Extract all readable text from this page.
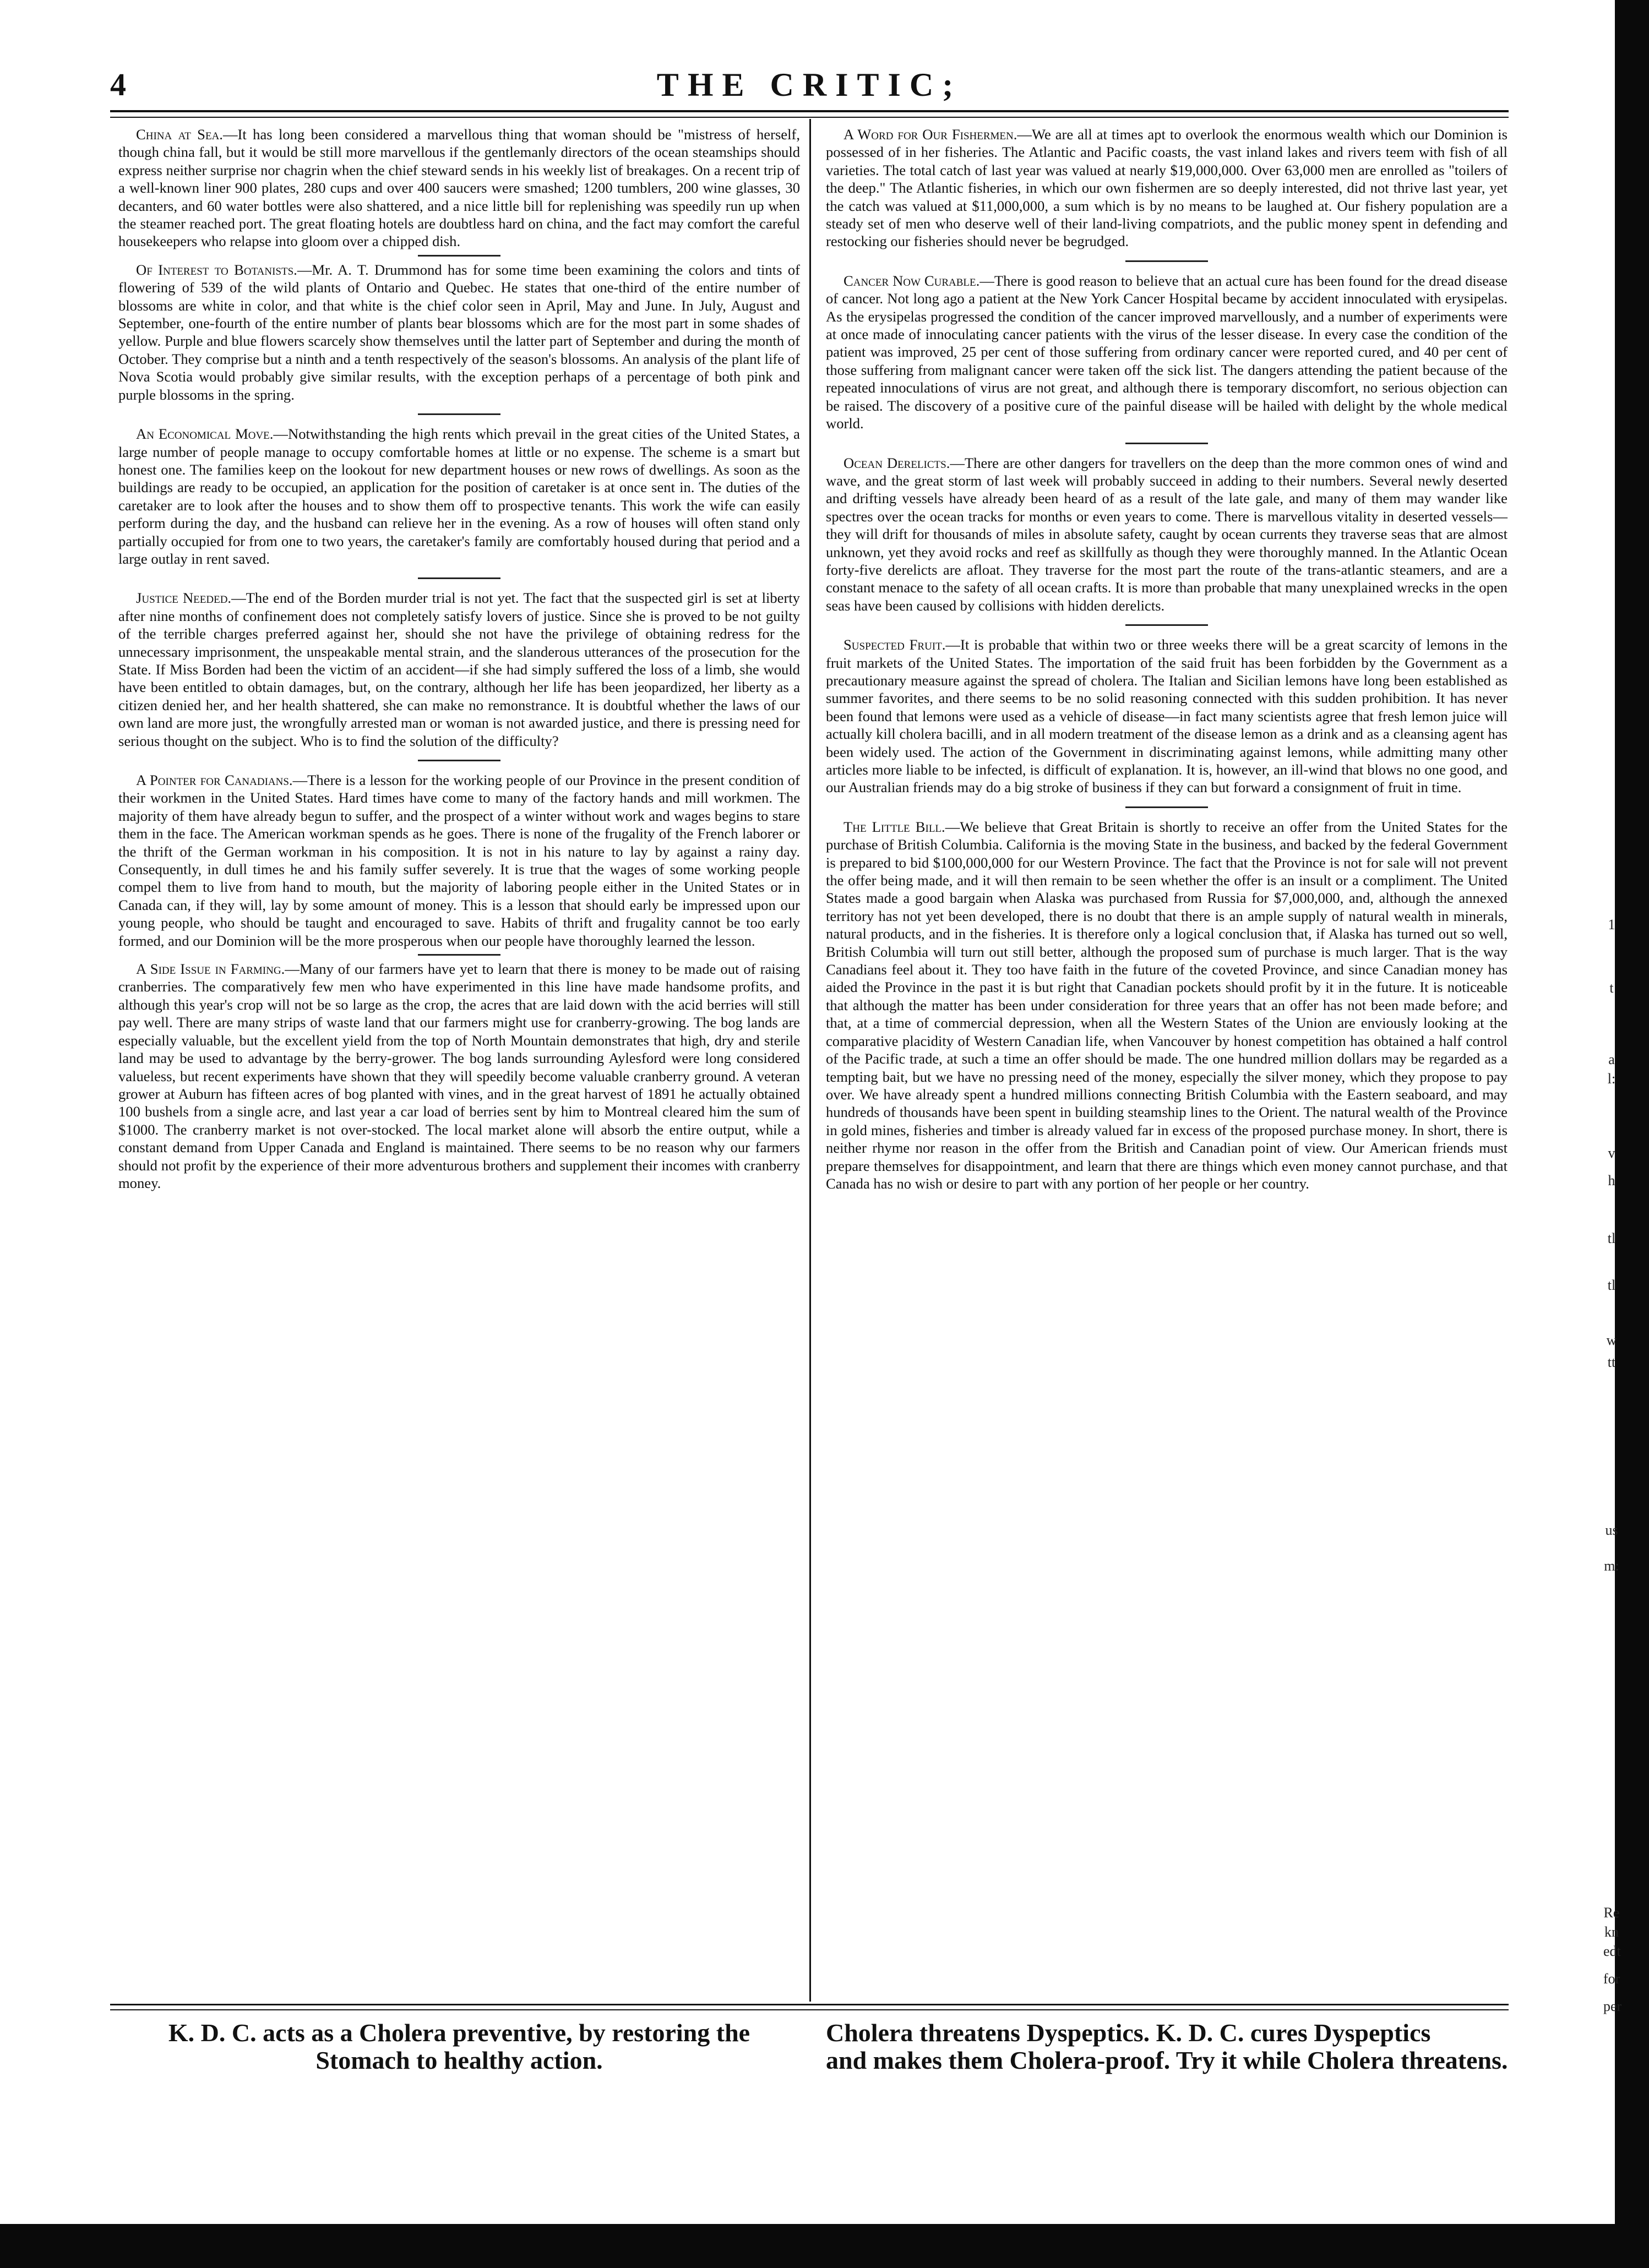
1
t
a
l:
v
h
tl
tl
w
tt
us
m:
Re
kn
edt
for
per
4	THE CRITIC;

China at Sea.—It has long been considered a marvellous thing that woman should be "mistress of herself, though china fall, but it would be still more marvellous if the gentlemanly directors of the ocean steamships should express neither surprise nor chagrin when the chief steward sends in his weekly list of breakages. On a recent trip of a well-known liner 900 plates, 280 cups and over 400 saucers were smashed; 1200 tumblers, 200 wine glasses, 30 decanters, and 60 water bottles were also shattered, and a nice little bill for replenishing was speedily run up when the steamer reached port. The great floating hotels are doubtless hard on china, and the fact may comfort the careful housekeepers who relapse into gloom over a chipped dish.

Of Interest to Botanists.—Mr. A. T. Drummond has for some time been examining the colors and tints of flowering of 539 of the wild plants of Ontario and Quebec. He states that one-third of the entire number of blossoms are white in color, and that white is the chief color seen in April, May and June. In July, August and September, one-fourth of the entire number of plants bear blossoms which are for the most part in some shades of yellow. Purple and blue flowers scarcely show themselves until the latter part of September and during the month of October. They comprise but a ninth and a tenth respectively of the season's blossoms. An analysis of the plant life of Nova Scotia would probably give similar results, with the exception perhaps of a percentage of both pink and purple blossoms in the spring.

An Economical Move.—Notwithstanding the high rents which prevail in the great cities of the United States, a large number of people manage to occupy comfortable homes at little or no expense. The scheme is a smart but honest one. The families keep on the lookout for new department houses or new rows of dwellings. As soon as the buildings are ready to be occupied, an application for the position of caretaker is at once sent in. The duties of the caretaker are to look after the houses and to show them off to prospective tenants. This work the wife can easily perform during the day, and the husband can relieve her in the evening. As a row of houses will often stand only partially occupied for from one to two years, the caretaker's family are comfortably housed during that period and a large outlay in rent saved.

Justice Needed.—The end of the Borden murder trial is not yet. The fact that the suspected girl is set at liberty after nine months of confinement does not completely satisfy lovers of justice. Since she is proved to be not guilty of the terrible charges preferred against her, should she not have the privilege of obtaining redress for the unnecessary imprisonment, the unspeakable mental strain, and the slanderous utterances of the prosecution for the State. If Miss Borden had been the victim of an accident—if she had simply suffered the loss of a limb, she would have been entitled to obtain damages, but, on the contrary, although her life has been jeopardized, her liberty as a citizen denied her, and her health shattered, she can make no remonstrance. It is doubtful whether the laws of our own land are more just, the wrongfully arrested man or woman is not awarded justice, and there is pressing need for serious thought on the subject. Who is to find the solution of the difficulty?

A Pointer for Canadians.—There is a lesson for the working people of our Province in the present condition of their workmen in the United States. Hard times have come to many of the factory hands and mill workmen. The majority of them have already begun to suffer, and the prospect of a winter without work and wages begins to stare them in the face. The American workman spends as he goes. There is none of the frugality of the French laborer or the thrift of the German workman in his composition. It is not in his nature to lay by against a rainy day. Consequently, in dull times he and his family suffer severely. It is true that the wages of some working people compel them to live from hand to mouth, but the majority of laboring people either in the United States or in Canada can, if they will, lay by some amount of money. This is a lesson that should early be impressed upon our young people, who should be taught and encouraged to save. Habits of thrift and frugality cannot be too early formed, and our Dominion will be the more prosperous when our people have thoroughly learned the lesson.

A Side Issue in Farming.—Many of our farmers have yet to learn that there is money to be made out of raising cranberries. The comparatively few men who have experimented in this line have made handsome profits, and although this year's crop will not be so large as the crop, the acres that are laid down with the acid berries will still pay well. There are many strips of waste land that our farmers might use for cranberry-growing. The bog lands are especially valuable, but the excellent yield from the top of North Mountain demonstrates that high, dry and sterile land may be used to advantage by the berry-grower. The bog lands surrounding Aylesford were long considered valueless, but recent experiments have shown that they will speedily become valuable cranberry ground. A veteran grower at Auburn has fifteen acres of bog planted with vines, and in the great harvest of 1891 he actually obtained 100 bushels from a single acre, and last year a car load of berries sent by him to Montreal cleared him the sum of $1000. The cranberry market is not over-stocked. The local market alone will absorb the entire output, while a constant demand from Upper Canada and England is maintained. There seems to be no reason why our farmers should not profit by the experience of their more adventurous brothers and supplement their incomes with cranberry money.

A Word for Our Fishermen.—We are all at times apt to overlook the enormous wealth which our Dominion is possessed of in her fisheries. The Atlantic and Pacific coasts, the vast inland lakes and rivers teem with fish of all varieties. The total catch of last year was valued at nearly $19,000,000. Over 63,000 men are enrolled as "toilers of the deep." The Atlantic fisheries, in which our own fishermen are so deeply interested, did not thrive last year, yet the catch was valued at $11,000,000, a sum which is by no means to be laughed at. Our fishery population are a steady set of men who deserve well of their land-living compatriots, and the public money spent in defending and restocking our fisheries should never be begrudged.

Cancer Now Curable.—There is good reason to believe that an actual cure has been found for the dread disease of cancer. Not long ago a patient at the New York Cancer Hospital became by accident innoculated with erysipelas. As the erysipelas progressed the condition of the cancer improved marvellously, and a number of experiments were at once made of innoculating cancer patients with the virus of the lesser disease. In every case the condition of the patient was improved, 25 per cent of those suffering from ordinary cancer were reported cured, and 40 per cent of those suffering from malignant cancer were taken off the sick list. The dangers attending the patient because of the repeated innoculations of virus are not great, and although there is temporary discomfort, no serious objection can be raised. The discovery of a positive cure of the painful disease will be hailed with delight by the whole medical world.

Ocean Derelicts.—There are other dangers for travellers on the deep than the more common ones of wind and wave, and the great storm of last week will probably succeed in adding to their numbers. Several newly deserted and drifting vessels have already been heard of as a result of the late gale, and many of them may wander like spectres over the ocean tracks for months or even years to come. There is marvellous vitality in deserted vessels—they will drift for thousands of miles in absolute safety, caught by ocean currents they traverse seas that are almost unknown, yet they avoid rocks and reef as skillfully as though they were thoroughly manned. In the Atlantic Ocean forty-five derelicts are afloat. They traverse for the most part the route of the trans-atlantic steamers, and are a constant menace to the safety of all ocean crafts. It is more than probable that many unexplained wrecks in the open seas have been caused by collisions with hidden derelicts.

Suspected Fruit.—It is probable that within two or three weeks there will be a great scarcity of lemons in the fruit markets of the United States. The importation of the said fruit has been forbidden by the Government as a precautionary measure against the spread of cholera. The Italian and Sicilian lemons have long been established as summer favorites, and there seems to be no solid reasoning connected with this sudden prohibition. It has never been found that lemons were used as a vehicle of disease—in fact many scientists agree that fresh lemon juice will actually kill cholera bacilli, and in all modern treatment of the disease lemon as a drink and as a cleansing agent has been widely used. The action of the Government in discriminating against lemons, while admitting many other articles more liable to be infected, is difficult of explanation. It is, however, an ill-wind that blows no one good, and our Australian friends may do a big stroke of business if they can but forward a consignment of fruit in time.

The Little Bill.—We believe that Great Britain is shortly to receive an offer from the United States for the purchase of British Columbia. California is the moving State in the business, and backed by the federal Government is prepared to bid $100,000,000 for our Western Province. The fact that the Province is not for sale will not prevent the offer being made, and it will then remain to be seen whether the offer is an insult or a compliment. The United States made a good bargain when Alaska was purchased from Russia for $7,000,000, and, although the annexed territory has not yet been developed, there is no doubt that there is an ample supply of natural wealth in minerals, natural products, and in the fisheries. It is therefore only a logical conclusion that, if Alaska has turned out so well, British Columbia will turn out still better, although the proposed sum of purchase is much larger. That is the way Canadians feel about it. They too have faith in the future of the coveted Province, and since Canadian money has aided the Province in the past it is but right that Canadian pockets should profit by it in the future. It is noticeable that although the matter has been under consideration for three years that an offer has not been made before; and that, at a time of commercial depression, when all the Western States of the Union are enviously looking at the comparative placidity of Western Canadian life, when Vancouver by honest competition has obtained a half control of the Pacific trade, at such a time an offer should be made. The one hundred million dollars may be regarded as a tempting bait, but we have no pressing need of the money, especially the silver money, which they propose to pay over. We have already spent a hundred millions connecting British Columbia with the Eastern seaboard, and may hundreds of thousands have been spent in building steamship lines to the Orient. The natural wealth of the Province in gold mines, fisheries and timber is already valued far in excess of the proposed purchase money. In short, there is neither rhyme nor reason in the offer from the British and Canadian point of view. Our American friends must prepare themselves for disappointment, and learn that there are things which even money cannot purchase, and that Canada has no wish or desire to part with any portion of her people or her country.

K. D. C. acts as a Cholera preventive, by restoring the Stomach to healthy action.
Cholera threatens Dyspeptics. K. D. C. cures Dyspeptics
and makes them Cholera-proof. Try it while Cholera threatens.
